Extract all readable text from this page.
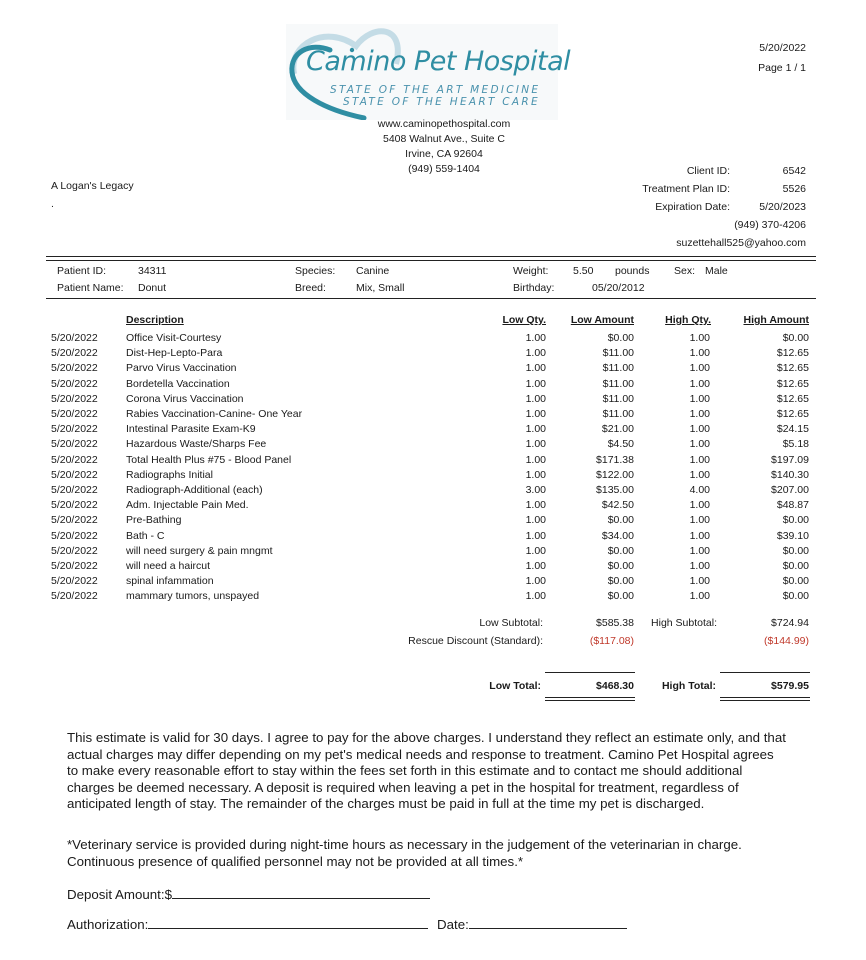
Camino Pet Hospital
STATE OF THE ART MEDICINE
STATE OF THE HEART CARE
www.caminopethospital.com
5408 Walnut Ave., Suite C
Irvine, CA 92604
(949) 559-1404
5/20/2022
Page 1 / 1
A Logan's Legacy
.
Client ID:	6542
Treatment Plan ID:	5526
Expiration Date:	5/20/2023
(949) 370-4206
suzettehall525@yahoo.com
Patient ID:	34311
Patient Name: Donut
Species: Canine
Breed:	Mix, Small
Weight: 5.50 pounds Sex: Male
Birthday:	05/20/2012
Description	Low Qty. Low Amount	High Qty.	High Amount
5/20/2022	Office Visit-Courtesy	1.00	$0.00	1.00	$0.00
5/20/2022	Dist-Hep-Lepto-Para	1.00	$11.00	1.00	$12.65
5/20/2022	Parvo Virus Vaccination	1.00	$11.00	1.00	$12.65
5/20/2022	Bordetella Vaccination	1.00	$11.00	1.00	$12.65
5/20/2022	Corona Virus Vaccination	1.00	$11.00	1.00	$12.65
5/20/2022	Rabies Vaccination-Canine- One Year	1.00	$11.00	1.00	$12.65
5/20/2022	Intestinal Parasite Exam-K9	1.00	$21.00	1.00	$24.15
5/20/2022	Hazardous Waste/Sharps Fee	1.00	$4.50	1.00	$5.18
5/20/2022	Total Health Plus #75 - Blood Panel	1.00	$171.38	1.00	$197.09
5/20/2022	Radiographs Initial	1.00	$122.00	1.00	$140.30
5/20/2022	Radiograph-Additional (each)	3.00	$135.00	4.00	$207.00
5/20/2022	Adm. Injectable Pain Med.	1.00	$42.50	1.00	$48.87
5/20/2022	Pre-Bathing	1.00	$0.00	1.00	$0.00
5/20/2022	Bath - C	1.00	$34.00	1.00	$39.10
5/20/2022	will need surgery & pain mngmt	1.00	$0.00	1.00	$0.00
5/20/2022	will need a haircut	1.00	$0.00	1.00	$0.00
5/20/2022	spinal infammation	1.00	$0.00	1.00	$0.00
5/20/2022	mammary tumors, unspayed	1.00	$0.00	1.00	$0.00
Low Subtotal:	$585.38 High Subtotal:	$724.94
Rescue Discount (Standard):	($117.08)	($144.99)
Low Total:	$468.30	High Total:	$579.95
This estimate is valid for 30 days. I agree to pay for the above charges. I understand they reflect an estimate only, and that actual charges may differ depending on my pet's medical needs and response to treatment. Camino Pet Hospital agrees to make every reasonable effort to stay within the fees set forth in this estimate and to contact me should additional charges be deemed necessary. A deposit is required when leaving a pet in the hospital for treatment, regardless of anticipated length of stay. The remainder of the charges must be paid in full at the time my pet is discharged.
*Veterinary service is provided during night-time hours as necessary in the judgement of the veterinarian in charge. Continuous presence of qualified personnel may not be provided at all times.*
Deposit Amount:$
Authorization:	Date:
